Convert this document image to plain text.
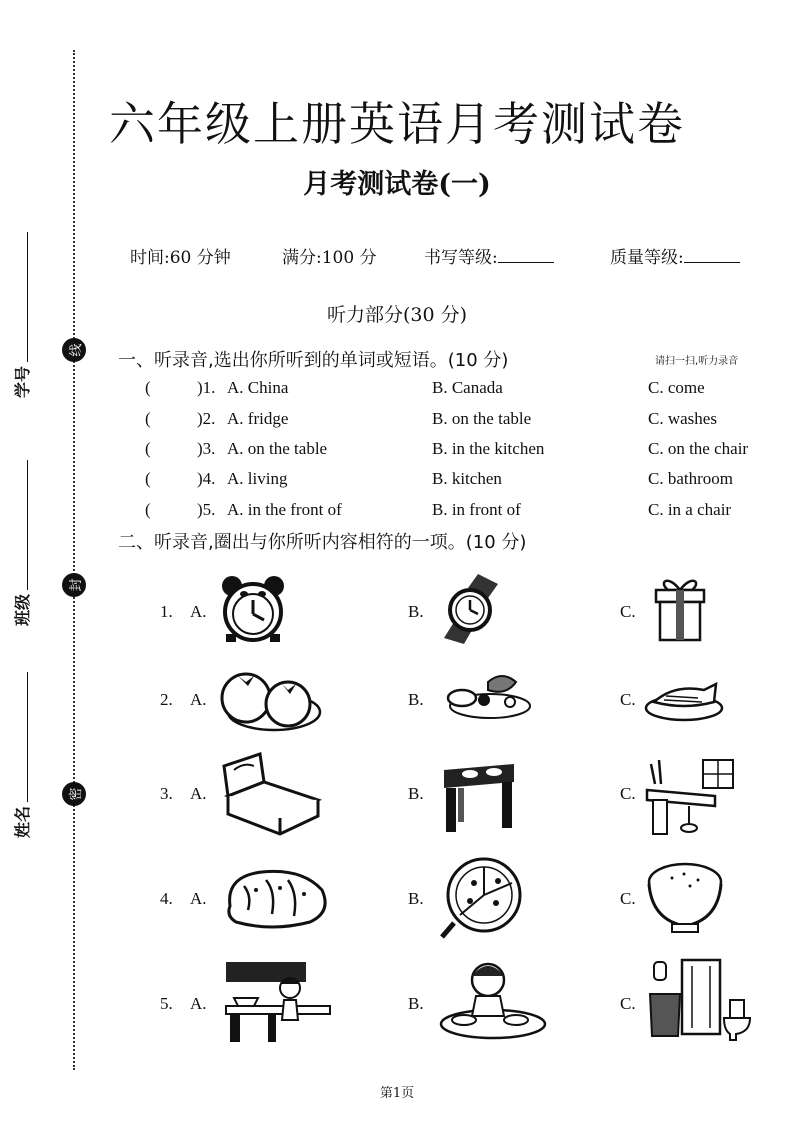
线
封
密
学号
班级
姓名
六年级上册英语月考测试卷
月考测试卷(一)
时间:60 分钟	满分:100 分	书写等级:	质量等级:
听力部分(30 分)
一、听录音,选出你所听到的单词或短语。(10 分)	请扫一扫,听力录音
(	)1. A. China	B. Canada	C. come
(	)2. A. fridge	B. on the table	C. washes
(	)3. A. on the table	B. in the kitchen	C. on the chair
(	)4. A. living	B. kitchen	C. bathroom
(	)5. A. in the front of	B. in front of	C. in a chair
二、听录音,圈出与你所听内容相符的一项。(10 分)
1. A.	B.	C.
2. A.	B.	C.
3. A.	B.	C.
4. A.	B.	C.
5. A.	B.	C.
第1页
